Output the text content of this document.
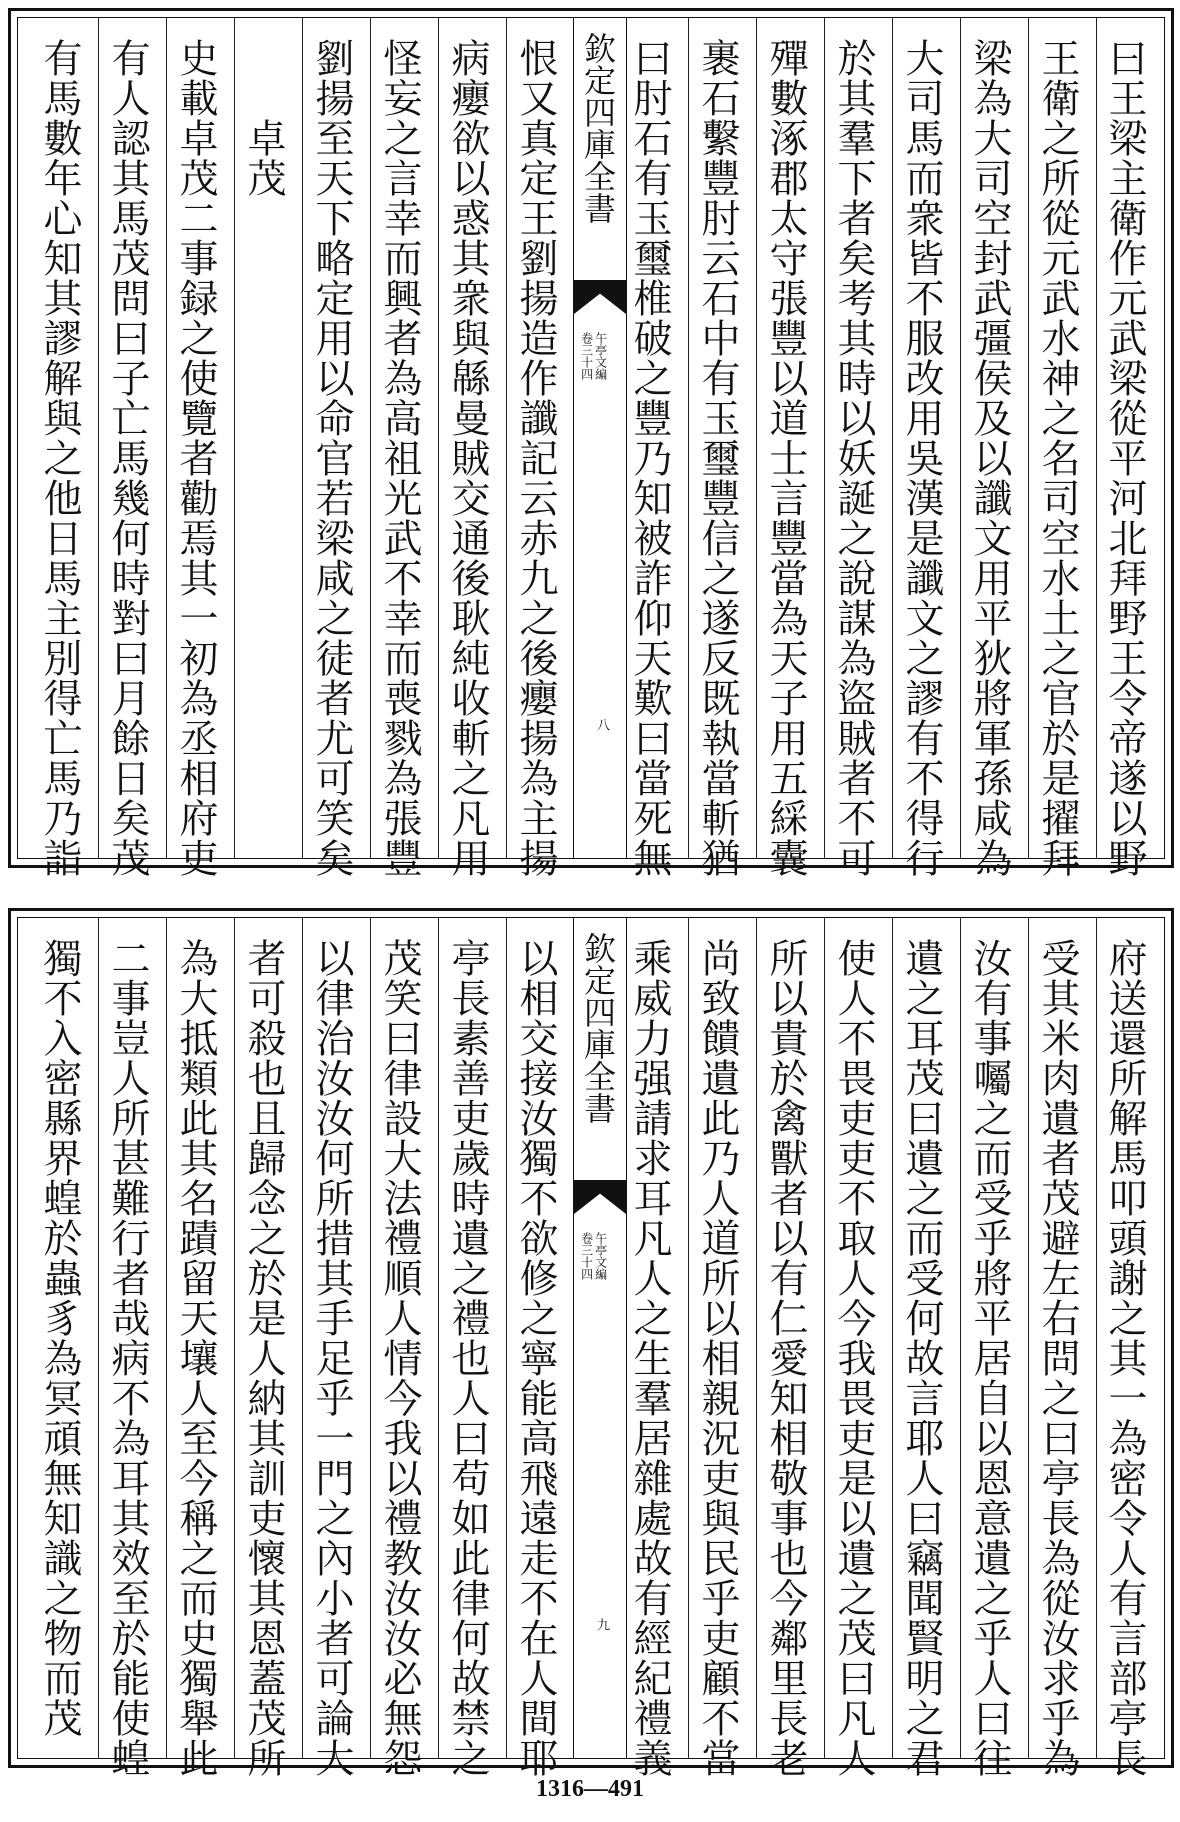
曰王梁主衛作元武梁從平河北拜野王令帝遂以野
王衛之所從元武水神之名司空水土之官於是擢拜
梁為大司空封武彊侯及以讖文用平狄將軍孫咸為
大司馬而衆皆不服改用吳漢是讖文之謬有不得行
於其羣下者矣考其時以妖誕之說謀為盜賊者不可
殫數涿郡太守張豐以道士言豐當為天子用五綵囊
裹石繫豐肘云石中有玉璽豐信之遂反既執當斬猶
曰肘石有玉璽椎破之豐乃知被詐仰天歎曰當死無
欽定四庫全書
午亭文編
卷三十四
八
恨又真定王劉揚造作讖記云赤九之後癭揚為主揚
病癭欲以惑其衆與緜曼賊交通後耿純收斬之凡用
怪妄之言幸而興者為高祖光武不幸而喪戮為張豐
劉揚至天下略定用以命官若梁咸之徒者尤可笑矣
卓茂
史載卓茂二事録之使覽者勸焉其一初為丞相府吏
有人認其馬茂問曰子亡馬幾何時對曰月餘日矣茂
有馬數年心知其謬解與之他日馬主別得亡馬乃詣
府送還所解馬叩頭謝之其一為密令人有言部亭長
受其米肉遺者茂避左右問之曰亭長為從汝求乎為
汝有事囑之而受乎將平居自以恩意遺之乎人曰往
遺之耳茂曰遺之而受何故言耶人曰竊聞賢明之君
使人不畏吏吏不取人今我畏吏是以遺之茂曰凡人
所以貴於禽獸者以有仁愛知相敬事也今鄰里長老
尚致饋遺此乃人道所以相親況吏與民乎吏顧不當
乘威力强請求耳凡人之生羣居雜處故有經紀禮義
欽定四庫全書
午亭文編
卷三十四
九
以相交接汝獨不欲修之寧能高飛遠走不在人間耶
亭長素善吏歲時遺之禮也人曰苟如此律何故禁之
茂笑曰律設大法禮順人情今我以禮教汝汝必無怨
以律治汝汝何所措其手足乎一門之內小者可論大
者可殺也且歸念之於是人納其訓吏懷其恩蓋茂所
為大抵類此其名蹟留天壤人至今稱之而史獨舉此
二事豈人所甚難行者哉病不為耳其效至於能使蝗
獨不入密縣界蝗於蟲豸為冥頑無知識之物而茂
1316—491
